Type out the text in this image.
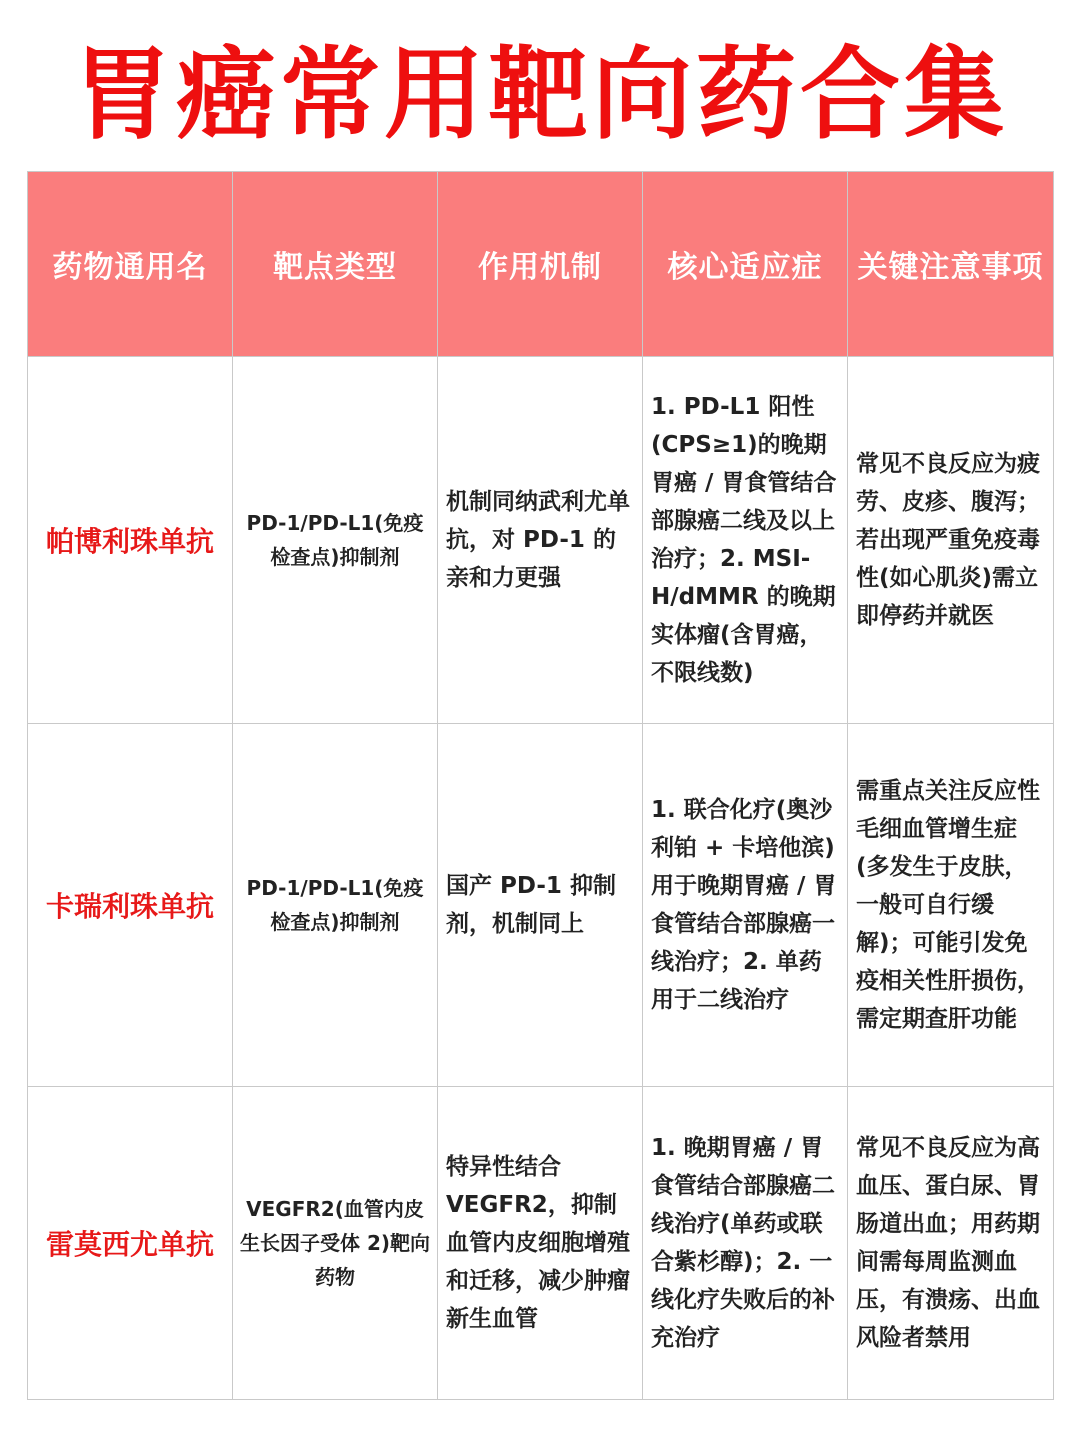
胃癌常用靶向药合集
药物通用名	靶点类型	作用机制	核心适应症	关键注意事项
帕博利珠单抗	PD-1/PD-L1(免疫检查点)抑制剂	机制同纳武利尤单抗，对 PD-1 的亲和力更强	1. PD-L1 阳性(CPS≥1)的晚期胃癌 / 胃食管结合部腺癌二线及以上治疗；2. MSI-H/dMMR 的晚期实体瘤(含胃癌，不限线数)	常见不良反应为疲劳、皮疹、腹泻；若出现严重免疫毒性(如心肌炎)需立即停药并就医

卡瑞利珠单抗	PD-1/PD-L1(免疫检查点)抑制剂	国产 PD-1 抑制剂，机制同上	1. 联合化疗(奥沙利铂 + 卡培他滨)用于晚期胃癌 / 胃食管结合部腺癌一线治疗；2. 单药用于二线治疗	需重点关注反应性毛细血管增生症(多发生于皮肤，一般可自行缓解)；可能引发免疫相关性肝损伤，需定期查肝功能

雷莫西尤单抗	VEGFR2(血管内皮生长因子受体 2)靶向药物	特异性结合 VEGFR2，抑制血管内皮细胞增殖和迁移，减少肿瘤新生血管	1. 晚期胃癌 / 胃食管结合部腺癌二线治疗(单药或联合紫杉醇)；2. 一线化疗失败后的补充治疗	常见不良反应为高血压、蛋白尿、胃肠道出血；用药期间需每周监测血压，有溃疡、出血风险者禁用
